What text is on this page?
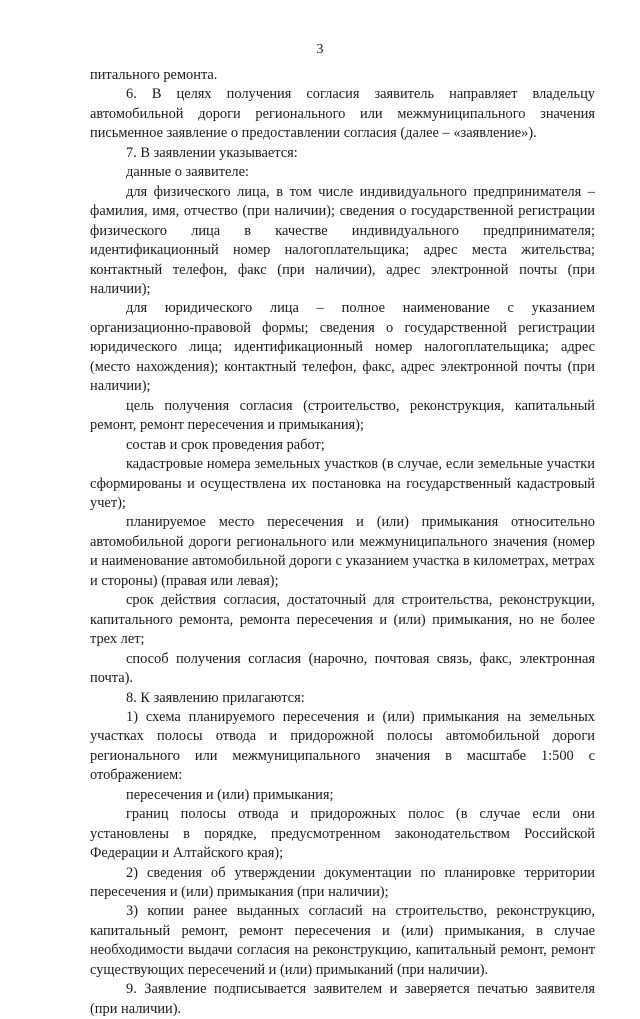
3

питального ремонта.

6. В целях получения согласия заявитель направляет владельцу автомобильной дороги регионального или межмуниципального значения письменное заявление о предоставлении согласия (далее – «заявление»).

7. В заявлении указывается:

данные о заявителе:

для физического лица, в том числе индивидуального предпринимателя – фамилия, имя, отчество (при наличии); сведения о государственной регистрации физического лица в качестве индивидуального предпринимателя; идентификационный номер налогоплательщика; адрес места жительства; контактный телефон, факс (при наличии), адрес электронной почты (при наличии);

для юридического лица – полное наименование с указанием организационно-правовой формы; сведения о государственной регистрации юридического лица; идентификационный номер налогоплательщика; адрес (место нахождения); контактный телефон, факс, адрес электронной почты (при наличии);

цель получения согласия (строительство, реконструкция, капитальный ремонт, ремонт пересечения и примыкания);

состав и срок проведения работ;

кадастровые номера земельных участков (в случае, если земельные участки сформированы и осуществлена их постановка на государственный кадастровый учет);

планируемое место пересечения и (или) примыкания относительно автомобильной дороги регионального или межмуниципального значения (номер и наименование автомобильной дороги с указанием участка в километрах, метрах и стороны) (правая или левая);

срок действия согласия, достаточный для строительства, реконструкции, капитального ремонта, ремонта пересечения и (или) примыкания, но не более трех лет;

способ получения согласия (нарочно, почтовая связь, факс, электронная почта).

8. К заявлению прилагаются:

1) схема планируемого пересечения и (или) примыкания на земельных участках полосы отвода и придорожной полосы автомобильной дороги регионального или межмуниципального значения в масштабе 1:500 с отображением:

пересечения и (или) примыкания;

границ полосы отвода и придорожных полос (в случае если они установлены в порядке, предусмотренном законодательством Российской Федерации и Алтайского края);

2) сведения об утверждении документации по планировке территории пересечения и (или) примыкания (при наличии);

3) копии ранее выданных согласий на строительство, реконструкцию, капитальный ремонт, ремонт пересечения и (или) примыкания, в случае необходимости выдачи согласия на реконструкцию, капитальный ремонт, ремонт существующих пересечений и (или) примыканий (при наличии).

9. Заявление подписывается заявителем и заверяется печатью заявителя (при наличии).
